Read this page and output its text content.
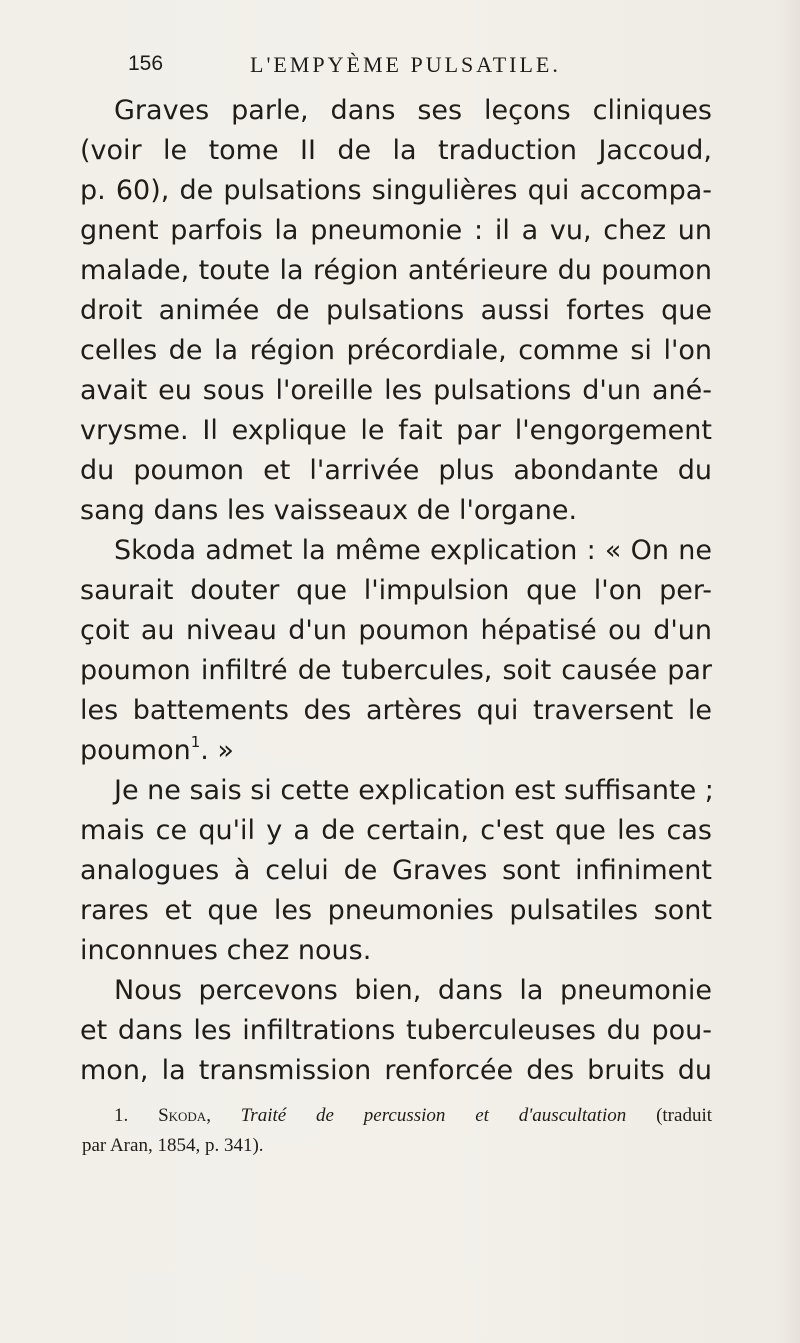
156	L'EMPYÈME PULSATILE.
Graves parle, dans ses leçons cliniques
(voir le tome II de la traduction Jaccoud,
p. 60), de pulsations singulières qui accompa-
gnent parfois la pneumonie : il a vu, chez un
malade, toute la région antérieure du poumon
droit animée de pulsations aussi fortes que
celles de la région précordiale, comme si l'on
avait eu sous l'oreille les pulsations d'un ané-
vrysme. Il explique le fait par l'engorgement
du poumon et l'arrivée plus abondante du
sang dans les vaisseaux de l'organe.
Skoda admet la même explication : « On ne
saurait douter que l'impulsion que l'on per-
çoit au niveau d'un poumon hépatisé ou d'un
poumon infiltré de tubercules, soit causée par
les battements des artères qui traversent le
poumon$^1$. »
Je ne sais si cette explication est suffisante ;
mais ce qu'il y a de certain, c'est que les cas
analogues à celui de Graves sont infiniment
rares et que les pneumonies pulsatiles sont
inconnues chez nous.
Nous percevons bien, dans la pneumonie
et dans les infiltrations tuberculeuses du pou-
mon, la transmission renforcée des bruits du
1. Skoda, Traité de percussion et d'auscultation (traduit
par Aran, 1854, p. 341).
